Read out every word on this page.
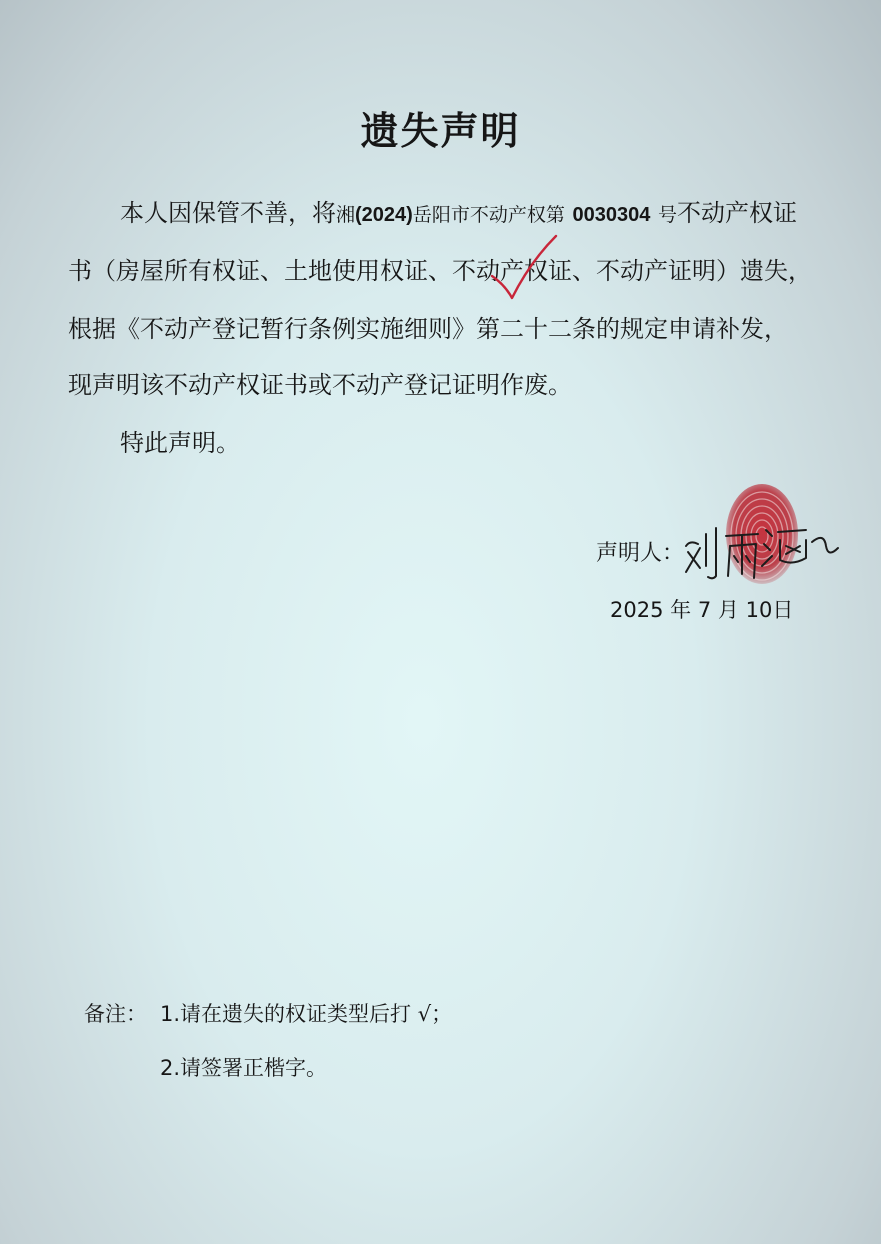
遗失声明
本人因保管不善，将湘(2024)岳阳市不动产权第 0030304 号不动产权证
书（房屋所有权证、土地使用权证、不动产权证、不动产证明）遗失，
根据《不动产登记暂行条例实施细则》第二十二条的规定申请补发，
现声明该不动产权证书或不动产登记证明作废。
特此声明。
声明人：
2025 年 7 月 10日
备注： 1.请在遗失的权证类型后打 √；
2.请签署正楷字。
